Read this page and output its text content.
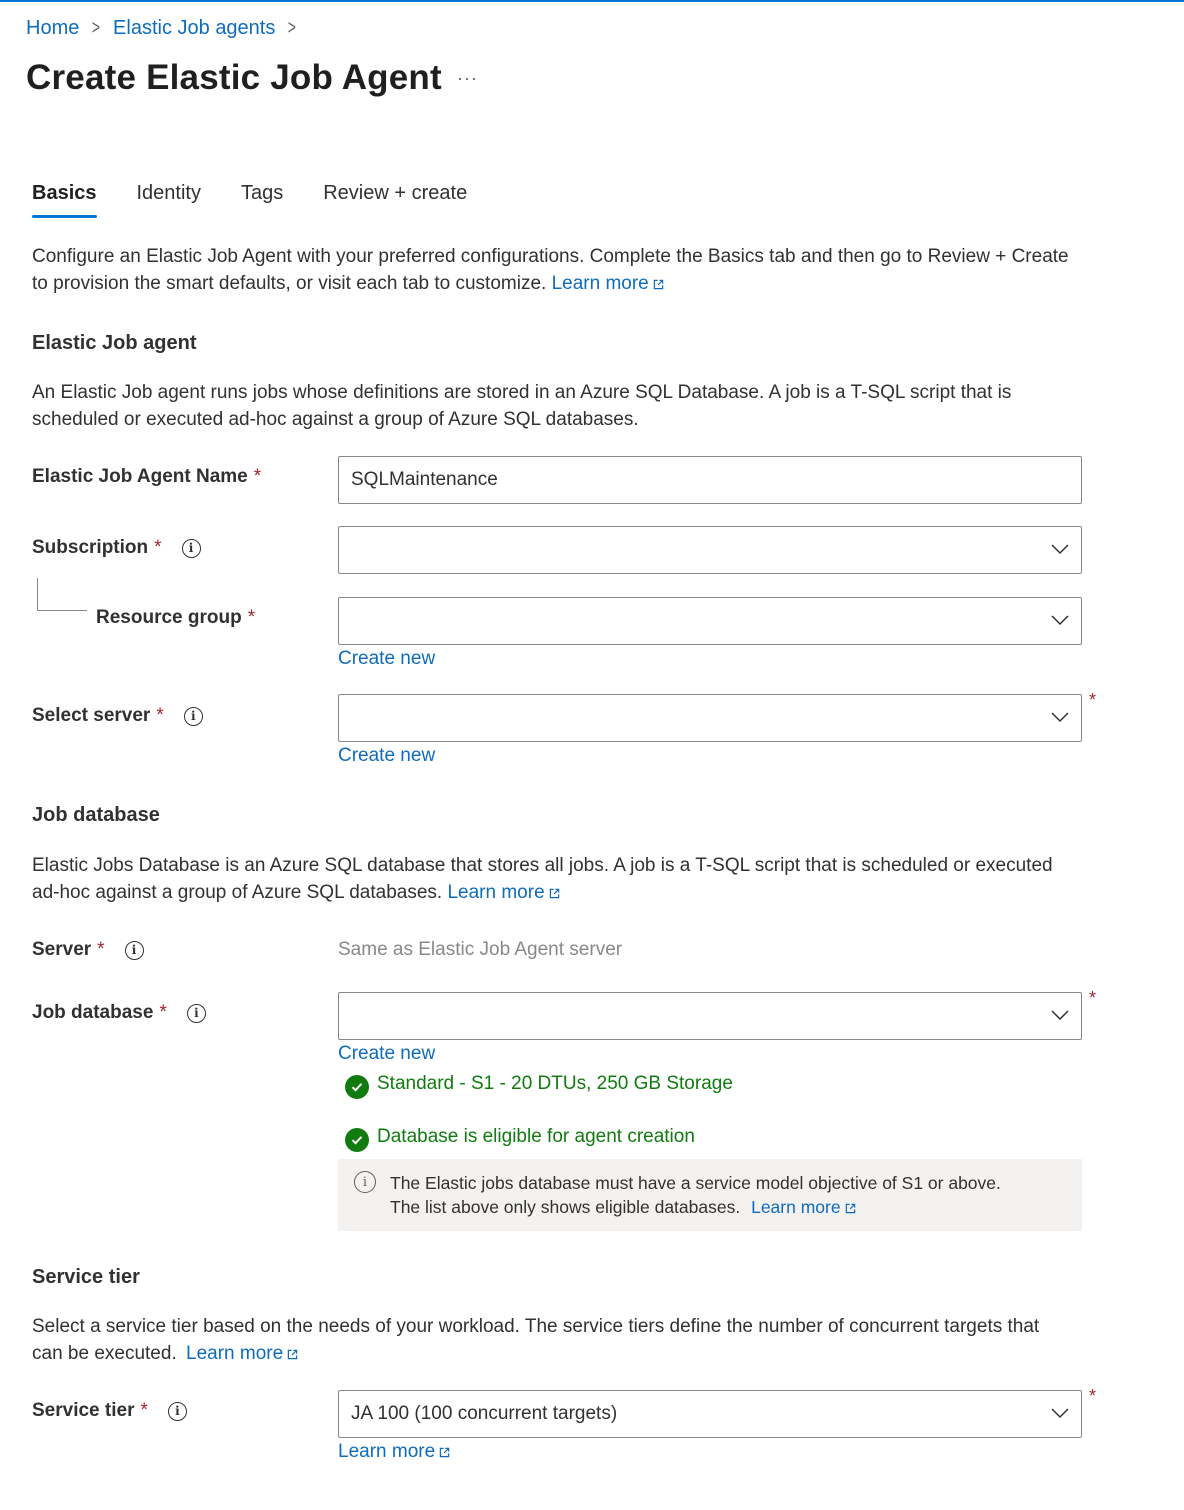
Home > Elastic Job agents >
Create Elastic Job Agent ···
Basics Identity Tags Review + create

Configure an Elastic Job Agent with your preferred configurations. Complete the Basics tab and then go to Review + Create to provision the smart defaults, or visit each tab to customize. Learn more

Elastic Job agent

An Elastic Job agent runs jobs whose definitions are stored in an Azure SQL Database. A job is a T-SQL script that is scheduled or executed ad-hoc against a group of Azure SQL databases.

Elastic Job Agent Name *	SQLMaintenance
Subscription *	i
Resource group *
Create new
Select server *	i
*
Create new
Job database

Elastic Jobs Database is an Azure SQL database that stores all jobs. A job is a T-SQL script that is scheduled or executed ad-hoc against a group of Azure SQL databases. Learn more

Server *	i	Same as Elastic Job Agent server
Job database *	i
*
Create new
Standard - S1 - 20 DTUs, 250 GB Storage
Database is eligible for agent creation
i	The Elastic jobs database must have a service model objective of S1 or above.
The list above only shows eligible databases. Learn more
Service tier

Select a service tier based on the needs of your workload. The service tiers define the number of concurrent targets that can be executed. Learn more

Service tier *	i	JA 100 (100 concurrent targets)
*
Learn more
